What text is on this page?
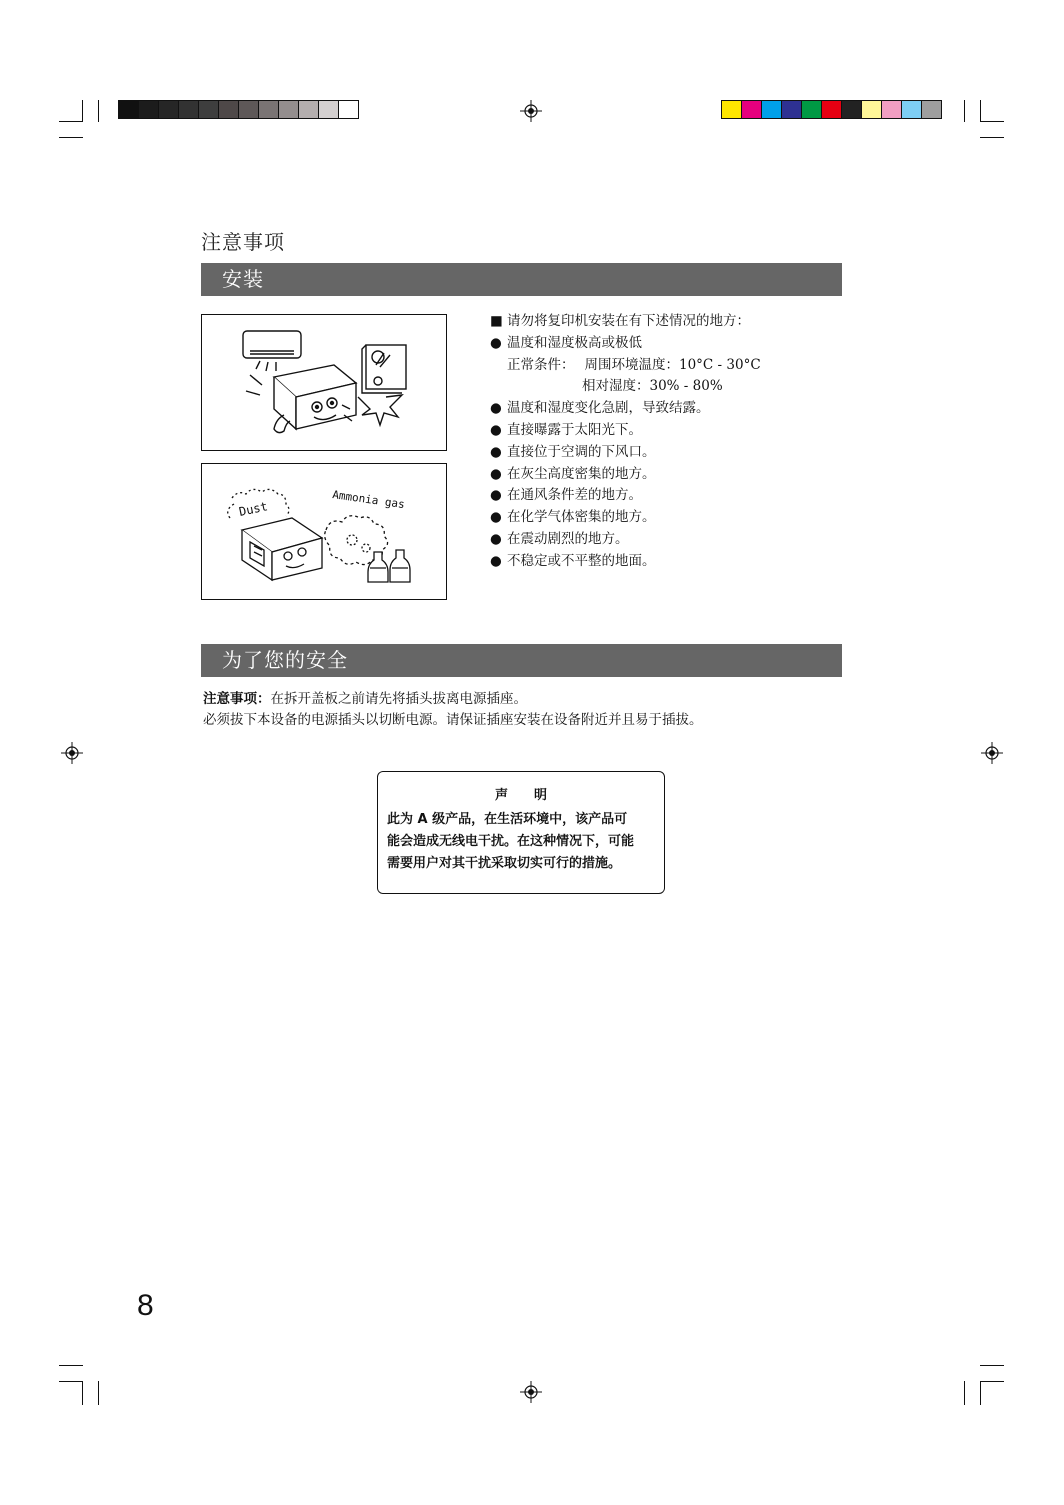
注意事项
安装
Dust	Ammonia gas
■ 请勿将复印机安装在有下述情况的地方：
● 温度和湿度极高或极低
正常条件： 周围环境温度：10°C - 30°C
相对湿度：30% - 80%
● 温度和湿度变化急剧，导致结露。
● 直接曝露于太阳光下。
● 直接位于空调的下风口。
● 在灰尘高度密集的地方。
● 在通风条件差的地方。
● 在化学气体密集的地方。
● 在震动剧烈的地方。
● 不稳定或不平整的地面。
为了您的安全
注意事项：在拆开盖板之前请先将插头拔离电源插座。
必须拔下本设备的电源插头以切断电源。请保证插座安装在设备附近并且易于插拔。
声　　明
此为 A 级产品，在生活环境中，该产品可
能会造成无线电干扰。在这种情况下，可能
需要用户对其干扰采取切实可行的措施。
8
